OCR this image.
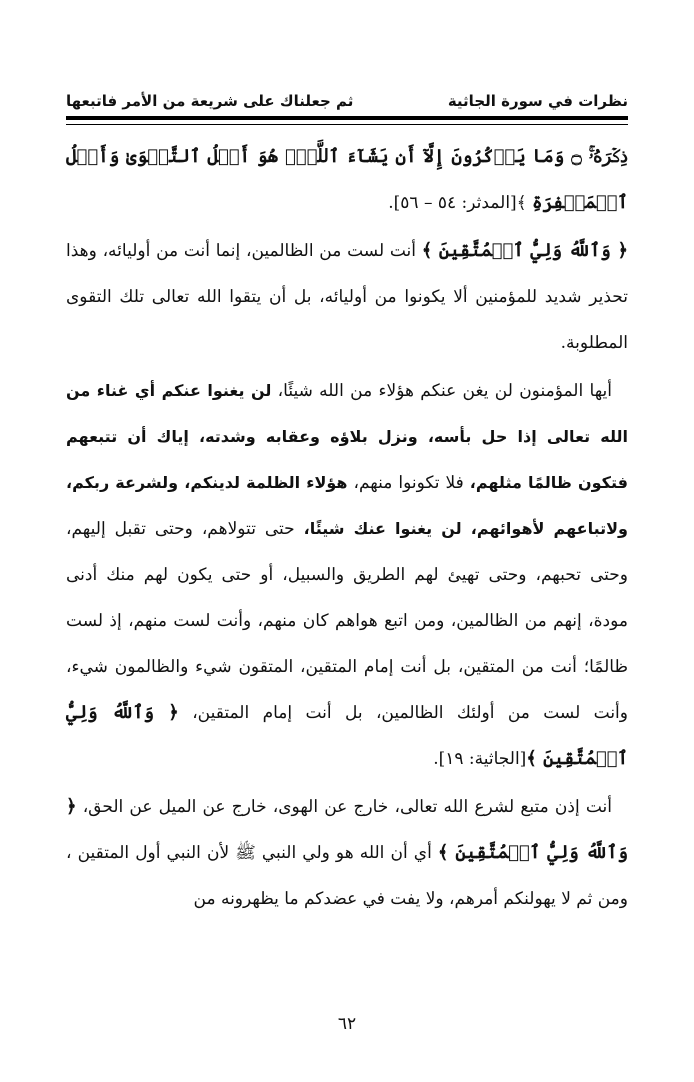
نظرات في سورة الجاثية
ثم جعلناك على شريعة من الأمر فاتبعها

ذِكۡرَهُۥۚ ۝ وَمَا يَذۡكُرُونَ إِلَّآ أَن يَشَآءَ ٱللَّهُۚ هُوَ أَهۡلُ ٱلتَّقۡوَىٰ وَأَهۡلُ ٱلۡمَغۡفِرَةِ ﴾[المدثر: ٥٤ – ٥٦].

﴿ وَٱللَّهُ وَلِيُّ ٱلۡمُتَّقِينَ ﴾ أنت لست من الظالمين، إنما أنت من أوليائه، وهذا تحذير شديد للمؤمنين ألا يكونوا من أوليائه، بل أن يتقوا الله تعالى تلك التقوى المطلوبة.

أيها المؤمنون لن يغن عنكم هؤلاء من الله شيئًا، لن يغنوا عنكم أي غناء من الله تعالى إذا حل بأسه، ونزل بلاؤه وعقابه وشدته، إياك أن تتبعهم فتكون ظالمًا مثلهم، فلا تكونوا منهم، هؤلاء الظلمة لدينكم، ولشرعة ربكم، ولاتباعهم لأهوائهم، لن يغنوا عنك شيئًا، حتى تتولاهم، وحتى تقبل إليهم، وحتى تحبهم، وحتى تهيئ لهم الطريق والسبيل، أو حتى يكون لهم منك أدنى مودة، إنهم من الظالمين، ومن اتبع هواهم كان منهم، وأنت لست منهم، إذ لست ظالمًا؛ أنت من المتقين، بل أنت إمام المتقين، المتقون شيء والظالمون شيء، وأنت لست من أولئك الظالمين، بل أنت إمام المتقين، ﴿ وَٱللَّهُ وَلِيُّ ٱلۡمُتَّقِينَ ﴾[الجاثية: ١٩].

أنت إذن متبع لشرع الله تعالى، خارج عن الهوى، خارج عن الميل عن الحق، ﴿ وَٱللَّهُ وَلِيُّ ٱلۡمُتَّقِينَ ﴾ أي أن الله هو ولي النبي ﷺ لأن النبي أول المتقين ، ومن ثم لا يهولنكم أمرهم، ولا يفت في عضدكم ما يظهرونه من

٦٢
